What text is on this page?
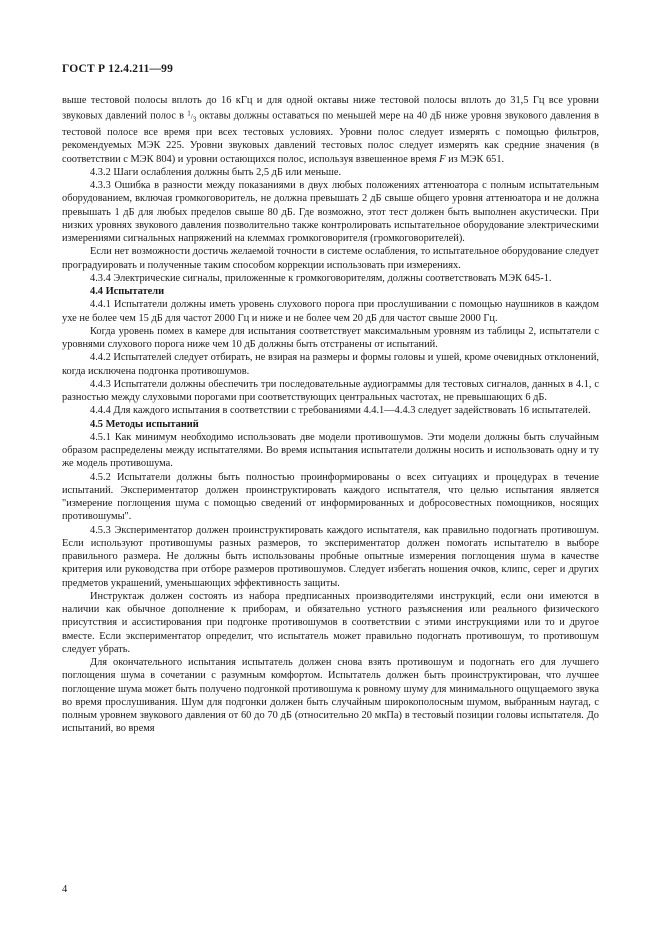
ГОСТ Р 12.4.211—99

выше тестовой полосы вплоть до 16 кГц и для одной октавы ниже тестовой полосы вплоть до 31,5 Гц все уровни звуковых давлений полос в $^1/_3$ октавы должны оставаться по меньшей мере на 40 дБ ниже уровня звукового давления в тестовой полосе все время при всех тестовых условиях. Уровни полос следует измерять с помощью фильтров, рекомендуемых МЭК 225. Уровни звуковых давлений тестовых полос следует измерять как средние значения (в соответствии с МЭК 804) и уровни остающихся полос, используя взвешенное время F из МЭК 651.

4.3.2 Шаги ослабления должны быть 2,5 дБ или меньше.

4.3.3 Ошибка в разности между показаниями в двух любых положениях аттенюатора с полным испытательным оборудованием, включая громкоговоритель, не должна превышать 2 дБ свыше общего уровня аттенюатора и не должна превышать 1 дБ для любых пределов свыше 80 дБ. Где возможно, этот тест должен быть выполнен акустически. При низких уровнях звукового давления позволительно также контролировать испытательное оборудование электрическими измерениями сигнальных напряжений на клеммах громкоговорителя (громкоговорителей).

Если нет возможности достичь желаемой точности в системе ослабления, то испытательное оборудование следует проградуировать и полученные таким способом коррекции использовать при измерениях.

4.3.4 Электрические сигналы, приложенные к громкоговорителям, должны соответствовать МЭК 645-1.

4.4 Испытатели

4.4.1 Испытатели должны иметь уровень слухового порога при прослушивании с помощью наушников в каждом ухе не более чем 15 дБ для частот 2000 Гц и ниже и не более чем 20 дБ для частот свыше 2000 Гц.

Когда уровень помех в камере для испытания соответствует максимальным уровням из таблицы 2, испытатели с уровнями слухового порога ниже чем 10 дБ должны быть отстранены от испытаний.

4.4.2 Испытателей следует отбирать, не взирая на размеры и формы головы и ушей, кроме очевидных отклонений, когда исключена подгонка противошумов.

4.4.3 Испытатели должны обеспечить три последовательные аудиограммы для тестовых сигналов, данных в 4.1, с разностью между слуховыми порогами при соответствующих центральных частотах, не превышающих 6 дБ.

4.4.4 Для каждого испытания в соответствии с требованиями 4.4.1—4.4.3 следует задействовать 16 испытателей.

4.5 Методы испытаний

4.5.1 Как минимум необходимо использовать две модели противошумов. Эти модели должны быть случайным образом распределены между испытателями. Во время испытания испытатели должны носить и использовать одну и ту же модель противошума.

4.5.2 Испытатели должны быть полностью проинформированы о всех ситуациях и процедурах в течение испытаний. Экспериментатор должен проинструктировать каждого испытателя, что целью испытания является "измерение поглощения шума с помощью сведений от информированных и добросовестных помощников, носящих противошумы".

4.5.3 Экспериментатор должен проинструктировать каждого испытателя, как правильно подогнать противошум. Если используют противошумы разных размеров, то экспериментатор должен помогать испытателю в выборе правильного размера. Не должны быть использованы пробные опытные измерения поглощения шума в качестве критерия или руководства при отборе размеров противошумов. Следует избегать ношения очков, клипс, серег и других предметов украшений, уменьшающих эффективность защиты.

Инструктаж должен состоять из набора предписанных производителями инструкций, если они имеются в наличии как обычное дополнение к приборам, и обязательно устного разъяснения или реального физического присутствия и ассистирования при подгонке противошумов в соответствии с этими инструкциями или то и другое вместе. Если экспериментатор определит, что испытатель может правильно подогнать противошум, то противошум следует убрать.

Для окончательного испытания испытатель должен снова взять противошум и подогнать его для лучшего поглощения шума в сочетании с разумным комфортом. Испытатель должен быть проинструктирован, что лучшее поглощение шума может быть получено подгонкой противошума к ровному шуму для минимального ощущаемого звука во время прослушивания. Шум для подгонки должен быть случайным широкополосным шумом, выбранным наугад, с полным уровнем звукового давления от 60 до 70 дБ (относительно 20 мкПа) в тестовый позиции головы испытателя. До испытаний, во время

4
